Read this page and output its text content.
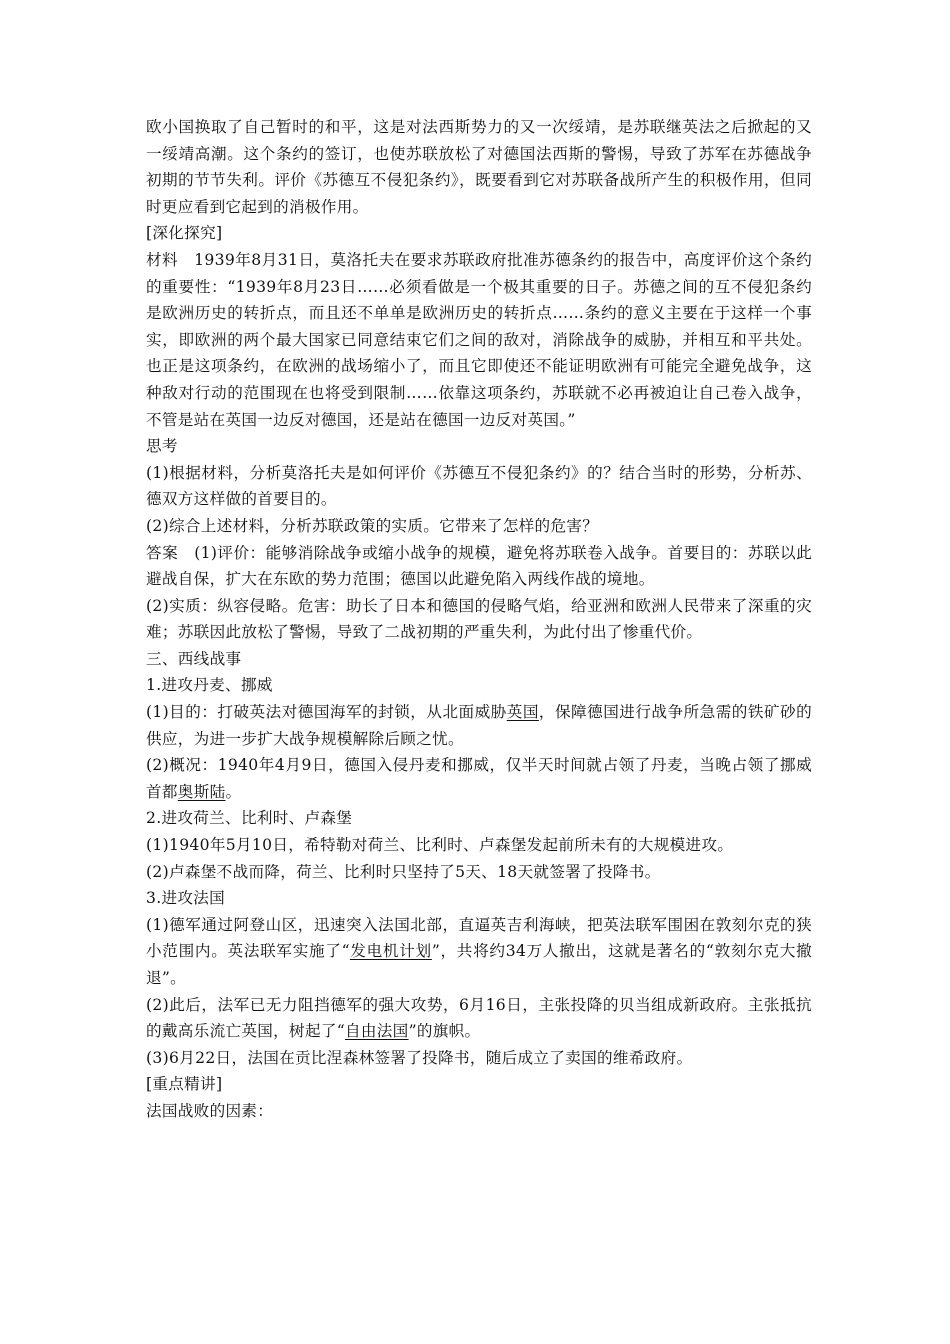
欧小国换取了自己暂时的和平，这是对法西斯势力的又一次绥靖，是苏联继英法之后掀起的又一绥靖高潮。这个条约的签订，也使苏联放松了对德国法西斯的警惕，导致了苏军在苏德战争初期的节节失利。评价《苏德互不侵犯条约》，既要看到它对苏联备战所产生的积极作用，但同时更应看到它起到的消极作用。

[深化探究]

材料　1939年8月31日，莫洛托夫在要求苏联政府批准苏德条约的报告中，高度评价这个条约的重要性：“1939年8月23日……必须看做是一个极其重要的日子。苏德之间的互不侵犯条约是欧洲历史的转折点，而且还不单单是欧洲历史的转折点……条约的意义主要在于这样一个事实，即欧洲的两个最大国家已同意结束它们之间的敌对，消除战争的威胁，并相互和平共处。也正是这项条约，在欧洲的战场缩小了，而且它即使还不能证明欧洲有可能完全避免战争，这种敌对行动的范围现在也将受到限制……依靠这项条约，苏联就不必再被迫让自己卷入战争，不管是站在英国一边反对德国，还是站在德国一边反对英国。”

思考

(1)根据材料，分析莫洛托夫是如何评价《苏德互不侵犯条约》的？结合当时的形势，分析苏、德双方这样做的首要目的。

(2)综合上述材料，分析苏联政策的实质。它带来了怎样的危害？

答案　(1)评价：能够消除战争或缩小战争的规模，避免将苏联卷入战争。首要目的：苏联以此避战自保，扩大在东欧的势力范围；德国以此避免陷入两线作战的境地。

(2)实质：纵容侵略。危害：助长了日本和德国的侵略气焰，给亚洲和欧洲人民带来了深重的灾难；苏联因此放松了警惕，导致了二战初期的严重失利，为此付出了惨重代价。

三、西线战事

1.进攻丹麦、挪威

(1)目的：打破英法对德国海军的封锁，从北面威胁英国，保障德国进行战争所急需的铁矿砂的供应，为进一步扩大战争规模解除后顾之忧。

(2)概况：1940年4月9日，德国入侵丹麦和挪威，仅半天时间就占领了丹麦，当晚占领了挪威首都奥斯陆。

2.进攻荷兰、比利时、卢森堡

(1)1940年5月10日，希特勒对荷兰、比利时、卢森堡发起前所未有的大规模进攻。

(2)卢森堡不战而降，荷兰、比利时只坚持了5天、18天就签署了投降书。

3.进攻法国

(1)德军通过阿登山区，迅速突入法国北部，直逼英吉利海峡，把英法联军围困在敦刻尔克的狭小范围内。英法联军实施了“发电机计划”，共将约34万人撤出，这就是著名的“敦刻尔克大撤退”。

(2)此后，法军已无力阻挡德军的强大攻势，6月16日，主张投降的贝当组成新政府。主张抵抗的戴高乐流亡英国，树起了“自由法国”的旗帜。

(3)6月22日，法国在贡比涅森林签署了投降书，随后成立了卖国的维希政府。

[重点精讲]

法国战败的因素：
